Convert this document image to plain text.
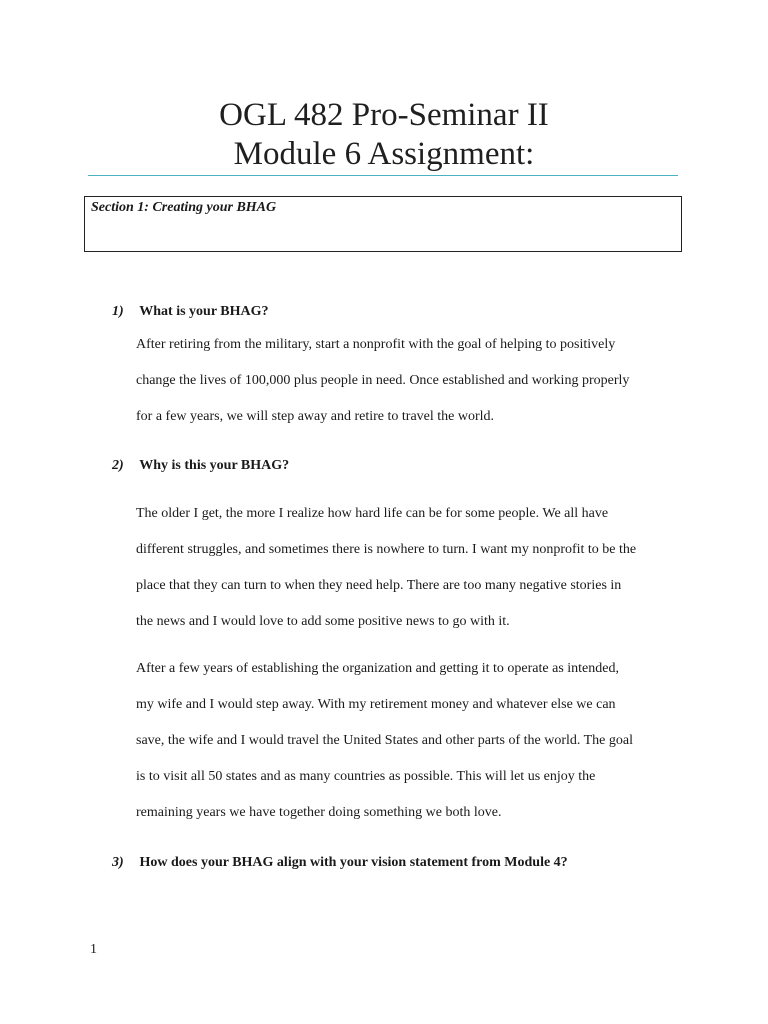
OGL 482 Pro-Seminar II
Module 6 Assignment:
Section 1: Creating your BHAG
1) What is your BHAG?

After retiring from the military, start a nonprofit with the goal of helping to positively
change the lives of 100,000 plus people in need. Once established and working properly
for a few years, we will step away and retire to travel the world.

2) Why is this your BHAG?

The older I get, the more I realize how hard life can be for some people. We all have
different struggles, and sometimes there is nowhere to turn. I want my nonprofit to be the
place that they can turn to when they need help. There are too many negative stories in
the news and I would love to add some positive news to go with it.

After a few years of establishing the organization and getting it to operate as intended,
my wife and I would step away. With my retirement money and whatever else we can
save, the wife and I would travel the United States and other parts of the world. The goal
is to visit all 50 states and as many countries as possible. This will let us enjoy the
remaining years we have together doing something we both love.

3) How does your BHAG align with your vision statement from Module 4?
1
